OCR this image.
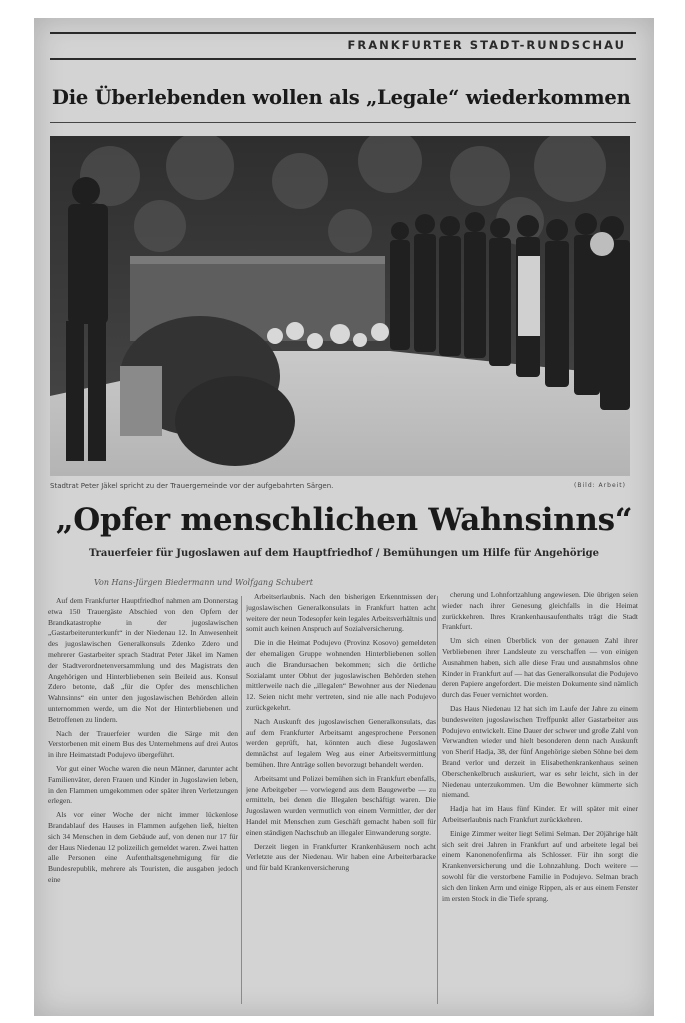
FRANKFURTER STADT-RUNDSCHAU
Die Überlebenden wollen als „Legale“ wiederkommen
Stadtrat Peter Jäkel spricht zu der Trauergemeinde vor der aufgebahrten Särgen.	(Bild: Arbeit)
„Opfer menschlichen Wahnsinns“
Trauerfeier für Jugoslawen auf dem Hauptfriedhof / Bemühungen um Hilfe für Angehörige
Von Hans-Jürgen Biedermann und Wolfgang Schubert

Auf dem Frankfurter Hauptfriedhof nahmen am Donnerstag etwa 150 Trauergäste Abschied von den Opfern der Brandkatastrophe in der jugoslawischen „Gastarbeiterunterkunft“ in der Niedenau 12. In Anwesenheit des jugoslawischen Generalkonsuls Zdenko Zdero und mehrerer Gastarbeiter sprach Stadtrat Peter Jäkel im Namen der Stadtverordnetenversammlung und des Magistrats den Angehörigen und Hinterbliebenen sein Beileid aus. Konsul Zdero betonte, daß „für die Opfer des menschlichen Wahnsinns“ ein unter den jugoslawischen Behörden allein unternommen werde, um die Not der Hinterbliebenen und Betroffenen zu lindern.

Nach der Trauerfeier wurden die Särge mit den Verstorbenen mit einem Bus des Unternehmens auf drei Autos in ihre Heimatstadt Podujevo übergeführt.

Vor gut einer Woche waren die neun Männer, darunter acht Familienväter, deren Frauen und Kinder in Jugoslawien leben, in den Flammen umgekommen oder später ihren Verletzungen erlegen.

Als vor einer Woche der nicht immer lückenlose Brandablauf des Hauses in Flammen aufgehen ließ, hielten sich 34 Menschen in dem Gebäude auf, von denen nur 17 für der Haus Niedenau 12 polizeilich gemeldet waren. Zwei hatten alle Personen eine Aufenthaltsgenehmigung für die Bundesrepublik, mehrere als Touristen, die ausgaben jedoch eine

Arbeitserlaubnis. Nach den bisherigen Erkenntnissen der jugoslawischen Generalkonsulats in Frankfurt hatten acht weitere der neun Todesopfer kein legales Arbeitsverhältnis und somit auch keinen Anspruch auf Sozialversicherung.

Die in die Heimat Podujevo (Provinz Kosovo) gemeldeten der ehemaligen Gruppe wohnenden Hinterbliebenen sollen auch die Brandursachen bekommen; sich die örtliche Sozialamt unter Obhut der jugoslawischen Behörden stehen mittlerweile nach die „illegalen“ Bewohner aus der Niedenau 12. Seien nicht mehr vertreten, sind nie alle nach Podujevo zurückgekehrt.

Nach Auskunft des jugoslawischen Generalkonsulats, das auf dem Frankfurter Arbeitsamt angesprochene Personen werden geprüft, hat, könnten auch diese Jugoslawen demnächst auf legalem Weg aus einer Arbeitsvermittlung bemühen. Ihre Anträge sollen bevorzugt behandelt werden.

Arbeitsamt und Polizei bemühen sich in Frankfurt ebenfalls, jene Arbeitgeber — vorwiegend aus dem Baugewerbe — zu ermitteln, bei denen die Illegalen beschäftigt waren. Die Jugoslawen wurden vermutlich von einem Vermittler, der der Handel mit Menschen zum Geschäft gemacht haben soll für einen ständigen Nachschub an illegaler Einwanderung sorgte.

Derzeit liegen in Frankfurter Krankenhäusern noch acht Verletzte aus der Niedenau. Wir haben eine Arbeiterbaracke und für bald Krankenversicherung

cherung und Lohnfortzahlung angewiesen. Die übrigen seien wieder nach ihrer Genesung gleichfalls in die Heimat zurückkehren. Ihres Krankenhausaufenthalts trägt die Stadt Frankfurt.

Um sich einen Überblick von der genauen Zahl ihrer Verbliebenen ihrer Landsleute zu verschaffen — von einigen Ausnahmen haben, sich alle diese Frau und ausnahmslos ohne Kinder in Frankfurt auf — hat das Generalkonsulat die Podujevo deren Papiere angefordert. Die meisten Dokumente sind nämlich durch das Feuer vernichtet worden.

Das Haus Niedenau 12 hat sich im Laufe der Jahre zu einem bundesweiten jugoslawischen Treffpunkt aller Gastarbeiter aus Podujevo entwickelt. Eine Dauer der schwer und große Zahl von Verwandten wieder und hielt besonderen denn nach Auskunft von Sherif Hadja, 38, der fünf Angehörige sieben Söhne bei dem Brand verlor und derzeit in Elisabethenkrankenhaus seinen Oberschenkelbruch auskuriert, war es sehr leicht, sich in der Niedenau unterzukommen. Um die Bewohner kümmerte sich niemand.

Hadja hat im Haus fünf Kinder. Er will später mit einer Arbeitserlaubnis nach Frankfurt zurückkehren.

Einige Zimmer weiter liegt Selimi Selman. Der 20jährige hält sich seit drei Jahren in Frankfurt auf und arbeitete legal bei einem Kanonenofenfirma als Schlosser. Für ihn sorgt die Krankenversicherung und die Lohnzahlung. Doch weitere — sowohl für die verstorbene Familie in Podujevo. Selman brach sich den linken Arm und einige Rippen, als er aus einem Fenster im ersten Stock in die Tiefe sprang.
